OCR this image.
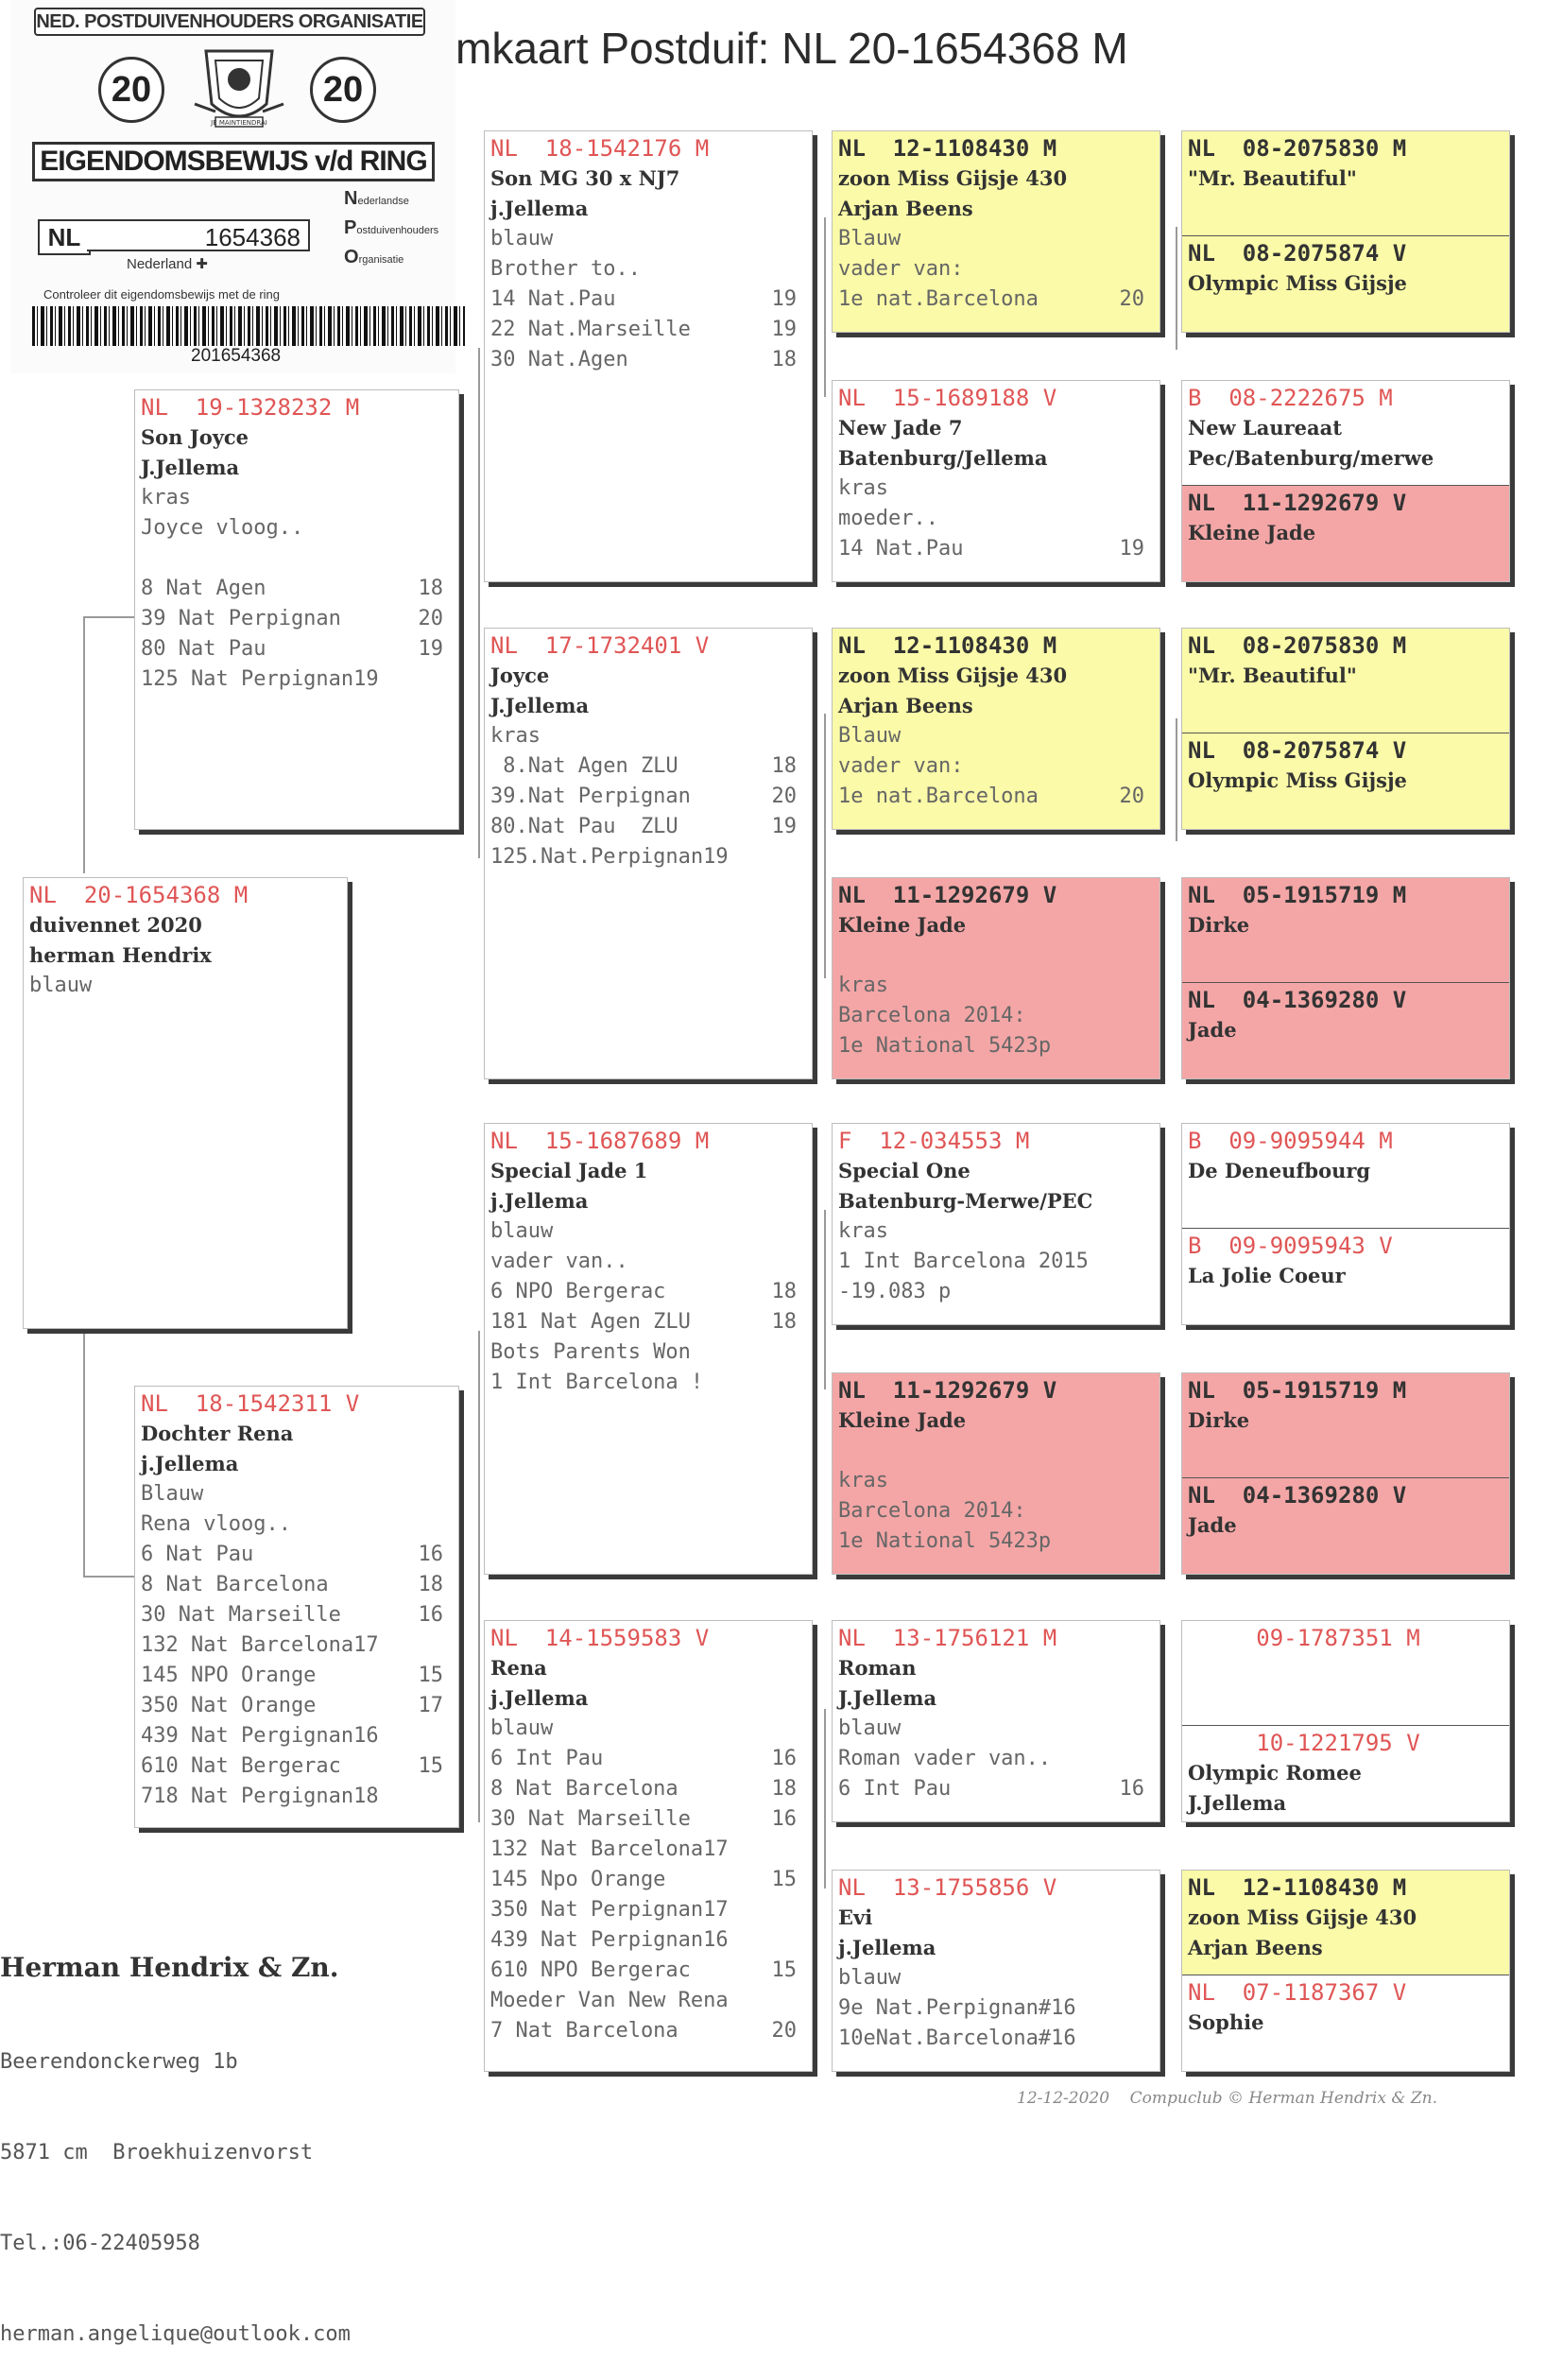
mkaart Postduif: NL 20-1654368 M
NED. POSTDUIVENHOUDERS ORGANISATIE
20
JE MAINTIENDRAI
20
EIGENDOMSBEWIJS v/d RING
NL	1654368
Nederlandse
Postduivenhouders
Organisatie
Nederland ✚
Controleer dit eigendomsbewijs met de ring
201654368
NL 20-1654368 M
duivennet 2020
herman Hendrix
blauw
NL  19-1328232 M
Son Joyce
J.Jellema
kras
Joyce vloog..
8 Nat Agen	18
39 Nat Perpignan	20
80 Nat Pau	19
125 Nat Perpignan19
NL  18-1542311 V
Dochter Rena
j.Jellema
Blauw
Rena vloog..
6 Nat Pau	16
8 Nat Barcelona	18
30 Nat Marseille	16
132 Nat Barcelona17
145 NPO Orange	15
350 Nat Orange	17
439 Nat Pergignan16
610 Nat Bergerac	15
718 Nat Pergignan18
NL  18-1542176 M
Son MG 30 x NJ7
j.Jellema
blauw
Brother to..
14 Nat.Pau	19
22 Nat.Marseille	19
30 Nat.Agen	18
NL  17-1732401 V
Joyce
J.Jellema
kras
8.Nat Agen ZLU	18
39.Nat Perpignan	20
80.Nat Pau  ZLU	19
125.Nat.Perpignan19
NL  15-1687689 M
Special Jade 1
j.Jellema
blauw
vader van..
6 NPO Bergerac	18
181 Nat Agen ZLU	18
Bots Parents Won
1 Int Barcelona !
NL  14-1559583 V
Rena
j.Jellema
blauw
6 Int Pau	16
8 Nat Barcelona	18
30 Nat Marseille	16
132 Nat Barcelona17
145 Npo Orange	15
350 Nat Perpignan17
439 Nat Perpignan16
610 NPO Bergerac	15
Moeder Van New Rena
7 Nat Barcelona	20
NL  12-1108430 M
zoon Miss Gijsje 430
Arjan Beens
Blauw
vader van:
1e nat.Barcelona	20
NL  15-1689188 V
New Jade 7
Batenburg/Jellema
kras
moeder..
14 Nat.Pau	19
NL  12-1108430 M
zoon Miss Gijsje 430
Arjan Beens
Blauw
vader van:
1e nat.Barcelona	20
NL  11-1292679 V
Kleine Jade
kras
Barcelona 2014:
1e National 5423p
F  12-034553 M
Special One
Batenburg-Merwe/PEC
kras
1 Int Barcelona 2015
-19.083 p
NL  11-1292679 V
Kleine Jade
kras
Barcelona 2014:
1e National 5423p
NL  13-1756121 M
Roman
J.Jellema
blauw
Roman vader van..
6 Int Pau	16
NL  13-1755856 V
Evi
j.Jellema
blauw
9e Nat.Perpignan#16
10eNat.Barcelona#16
NL  08-2075830 M
"Mr. Beautiful"
NL  08-2075874 V
Olympic Miss Gijsje
B  08-2222675 M
New Laureaat
Pec/Batenburg/merwe
NL  11-1292679 V
Kleine Jade
NL  08-2075830 M
"Mr. Beautiful"
NL  08-2075874 V
Olympic Miss Gijsje
NL  05-1915719 M
Dirke
NL  04-1369280 V
Jade
B  09-9095944 M
De Deneufbourg
B  09-9095943 V
La Jolie Coeur
NL  05-1915719 M
Dirke
NL  04-1369280 V
Jade
09-1787351 M
10-1221795 V
Olympic Romee
J.Jellema
NL  12-1108430 M
zoon Miss Gijsje 430
Arjan Beens
NL  07-1187367 V
Sophie

Herman Hendrix & Zn.

Beerendonckerweg 1b

5871 cm  Broekhuizenvorst

Tel.:06-22405958

herman.angelique@outlook.com

12-12-2020 Compuclub © Herman Hendrix & Zn.
